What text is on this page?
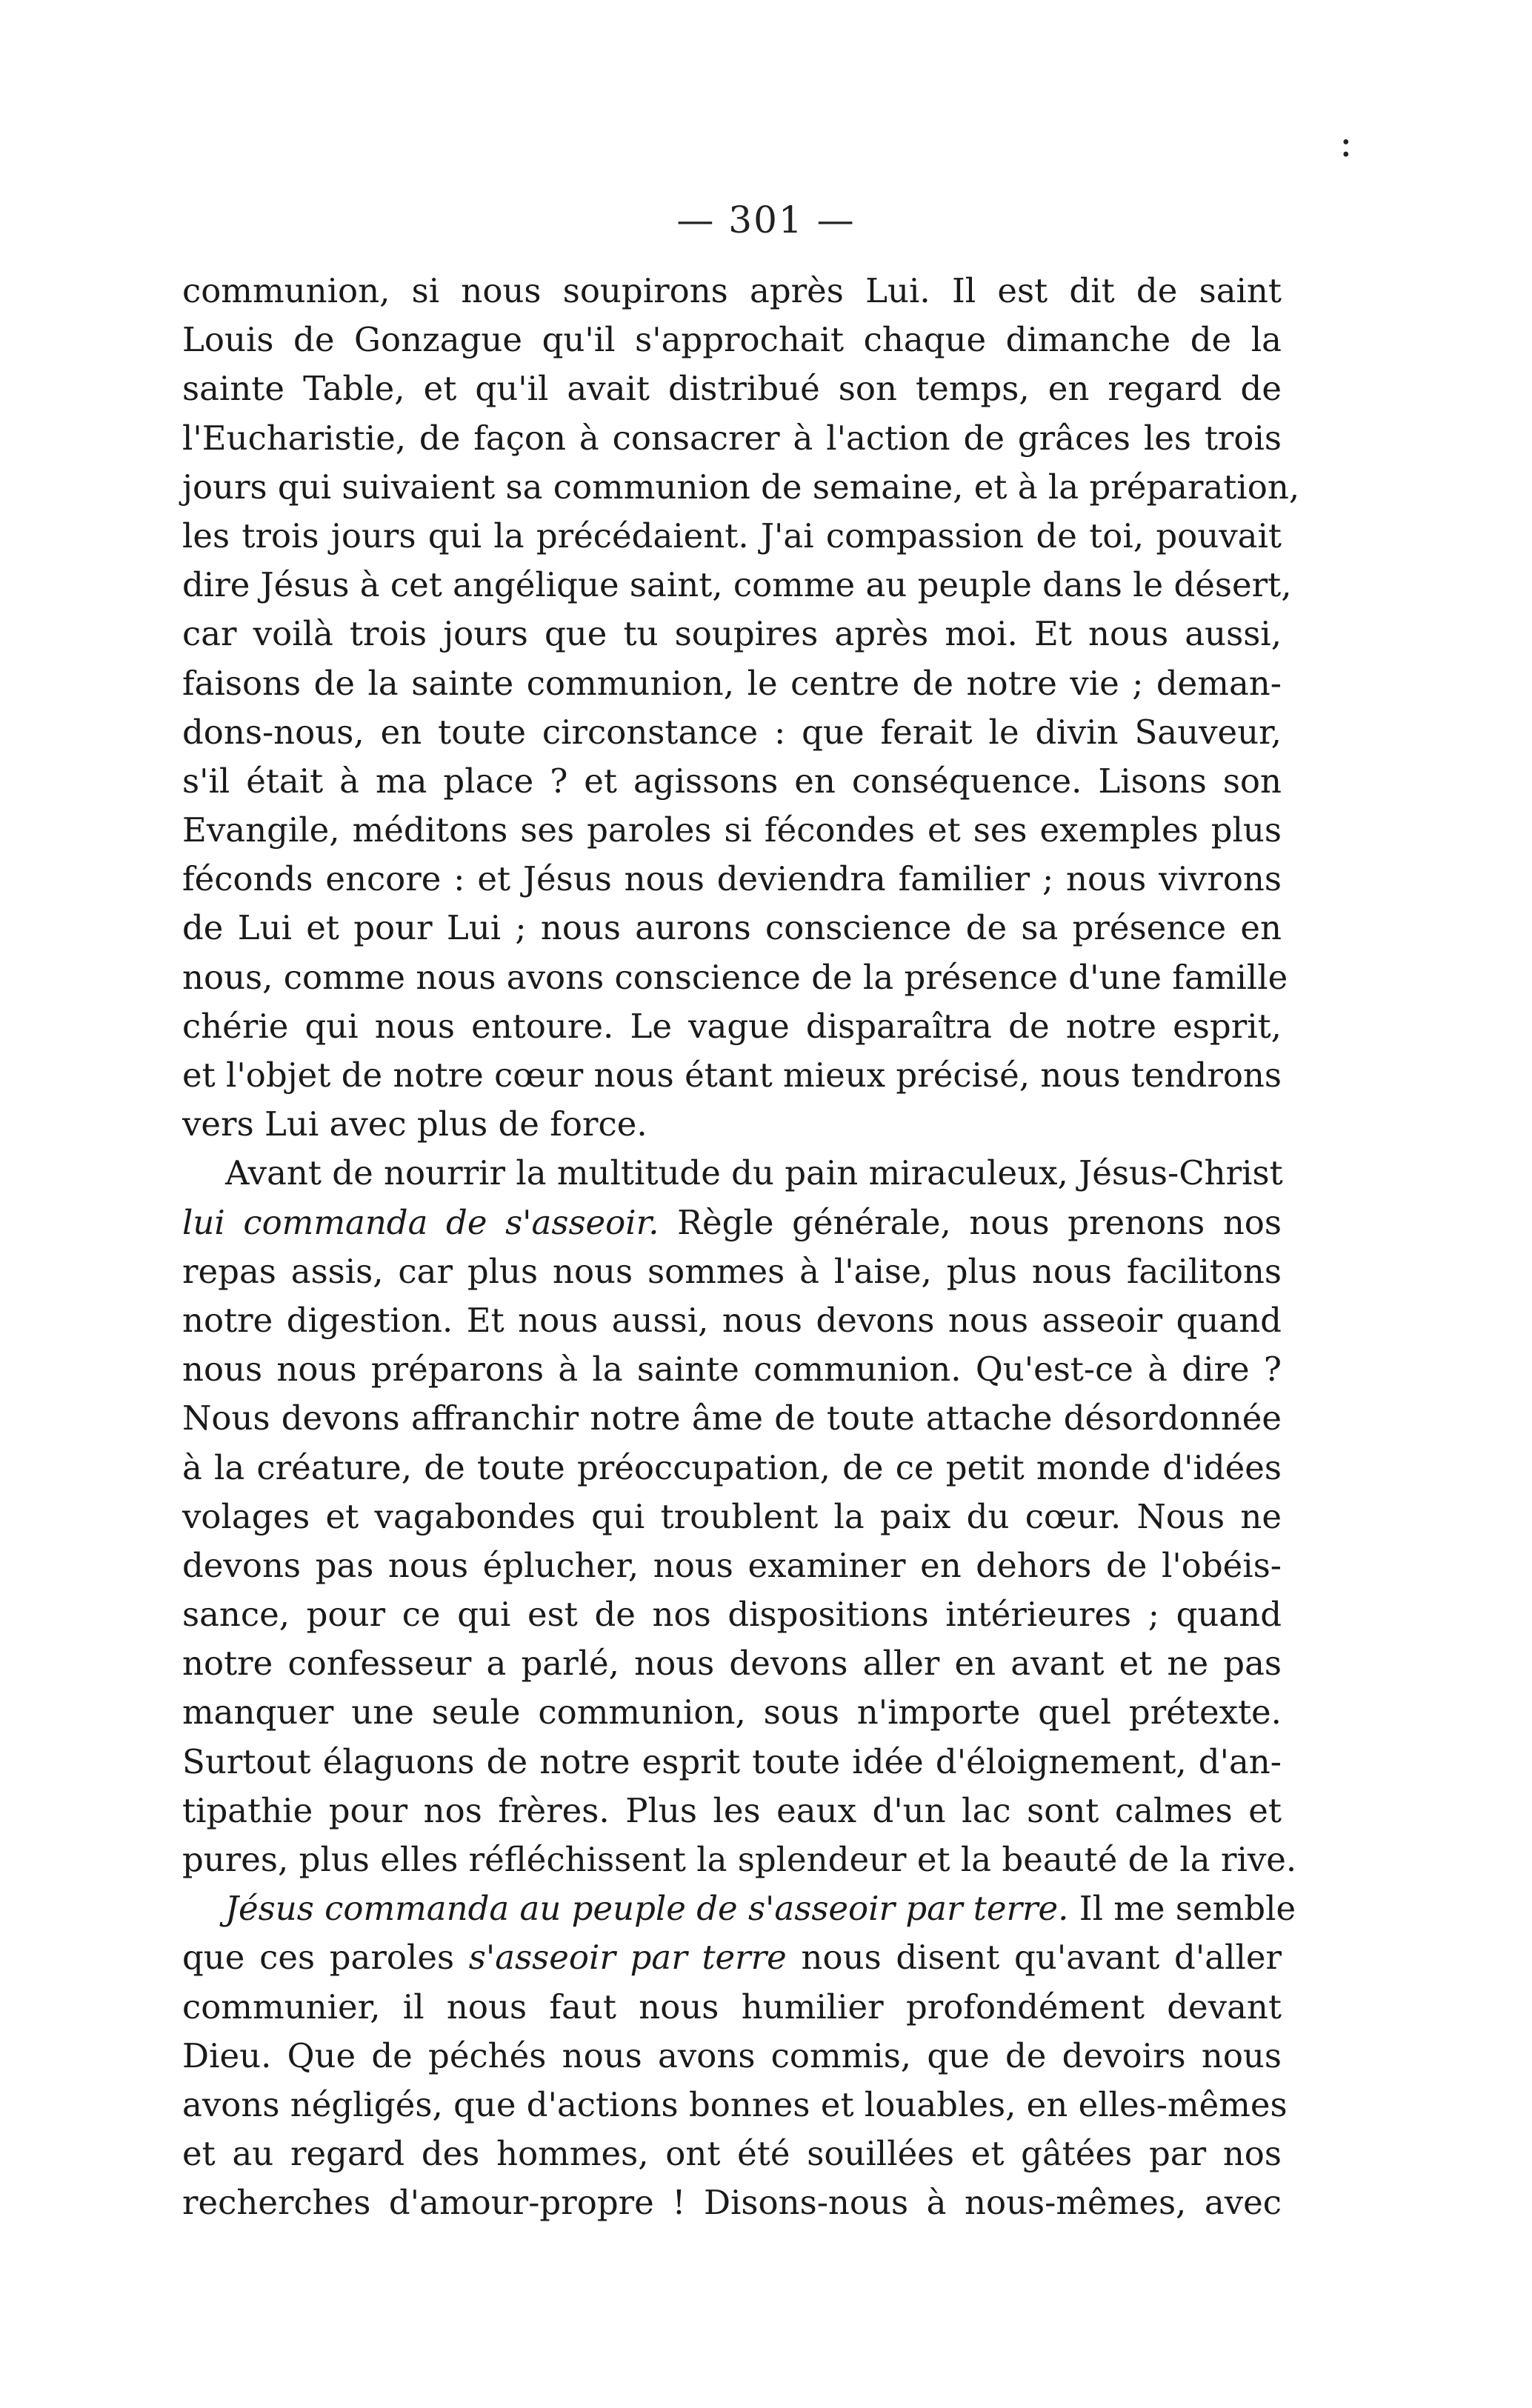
:
— 301 —
communion, si nous soupirons après Lui. Il est dit de saint
Louis de Gonzague qu'il s'approchait chaque dimanche de la
sainte Table, et qu'il avait distribué son temps, en regard de
l'Eucharistie, de façon à consacrer à l'action de grâces les trois
jours qui suivaient sa communion de semaine, et à la préparation,
les trois jours qui la précédaient. J'ai compassion de toi, pouvait
dire Jésus à cet angélique saint, comme au peuple dans le désert,
car voilà trois jours que tu soupires après moi. Et nous aussi,
faisons de la sainte communion, le centre de notre vie ; deman-
dons-nous, en toute circonstance : que ferait le divin Sauveur,
s'il était à ma place ? et agissons en conséquence. Lisons son
Evangile, méditons ses paroles si fécondes et ses exemples plus
féconds encore : et Jésus nous deviendra familier ; nous vivrons
de Lui et pour Lui ; nous aurons conscience de sa présence en
nous, comme nous avons conscience de la présence d'une famille
chérie qui nous entoure. Le vague disparaîtra de notre esprit,
et l'objet de notre cœur nous étant mieux précisé, nous tendrons
vers Lui avec plus de force.
Avant de nourrir la multitude du pain miraculeux, Jésus-Christ
lui commanda de s'asseoir. Règle générale, nous prenons nos
repas assis, car plus nous sommes à l'aise, plus nous facilitons
notre digestion. Et nous aussi, nous devons nous asseoir quand
nous nous préparons à la sainte communion. Qu'est-ce à dire ?
Nous devons affranchir notre âme de toute attache désordonnée
à la créature, de toute préoccupation, de ce petit monde d'idées
volages et vagabondes qui troublent la paix du cœur. Nous ne
devons pas nous éplucher, nous examiner en dehors de l'obéis-
sance, pour ce qui est de nos dispositions intérieures ; quand
notre confesseur a parlé, nous devons aller en avant et ne pas
manquer une seule communion, sous n'importe quel prétexte.
Surtout élaguons de notre esprit toute idée d'éloignement, d'an-
tipathie pour nos frères. Plus les eaux d'un lac sont calmes et
pures, plus elles réfléchissent la splendeur et la beauté de la rive.
Jésus commanda au peuple de s'asseoir par terre. Il me semble
que ces paroles s'asseoir par terre nous disent qu'avant d'aller
communier, il nous faut nous humilier profondément devant
Dieu. Que de péchés nous avons commis, que de devoirs nous
avons négligés, que d'actions bonnes et louables, en elles-mêmes
et au regard des hommes, ont été souillées et gâtées par nos
recherches d'amour-propre ! Disons-nous à nous-mêmes, avec
